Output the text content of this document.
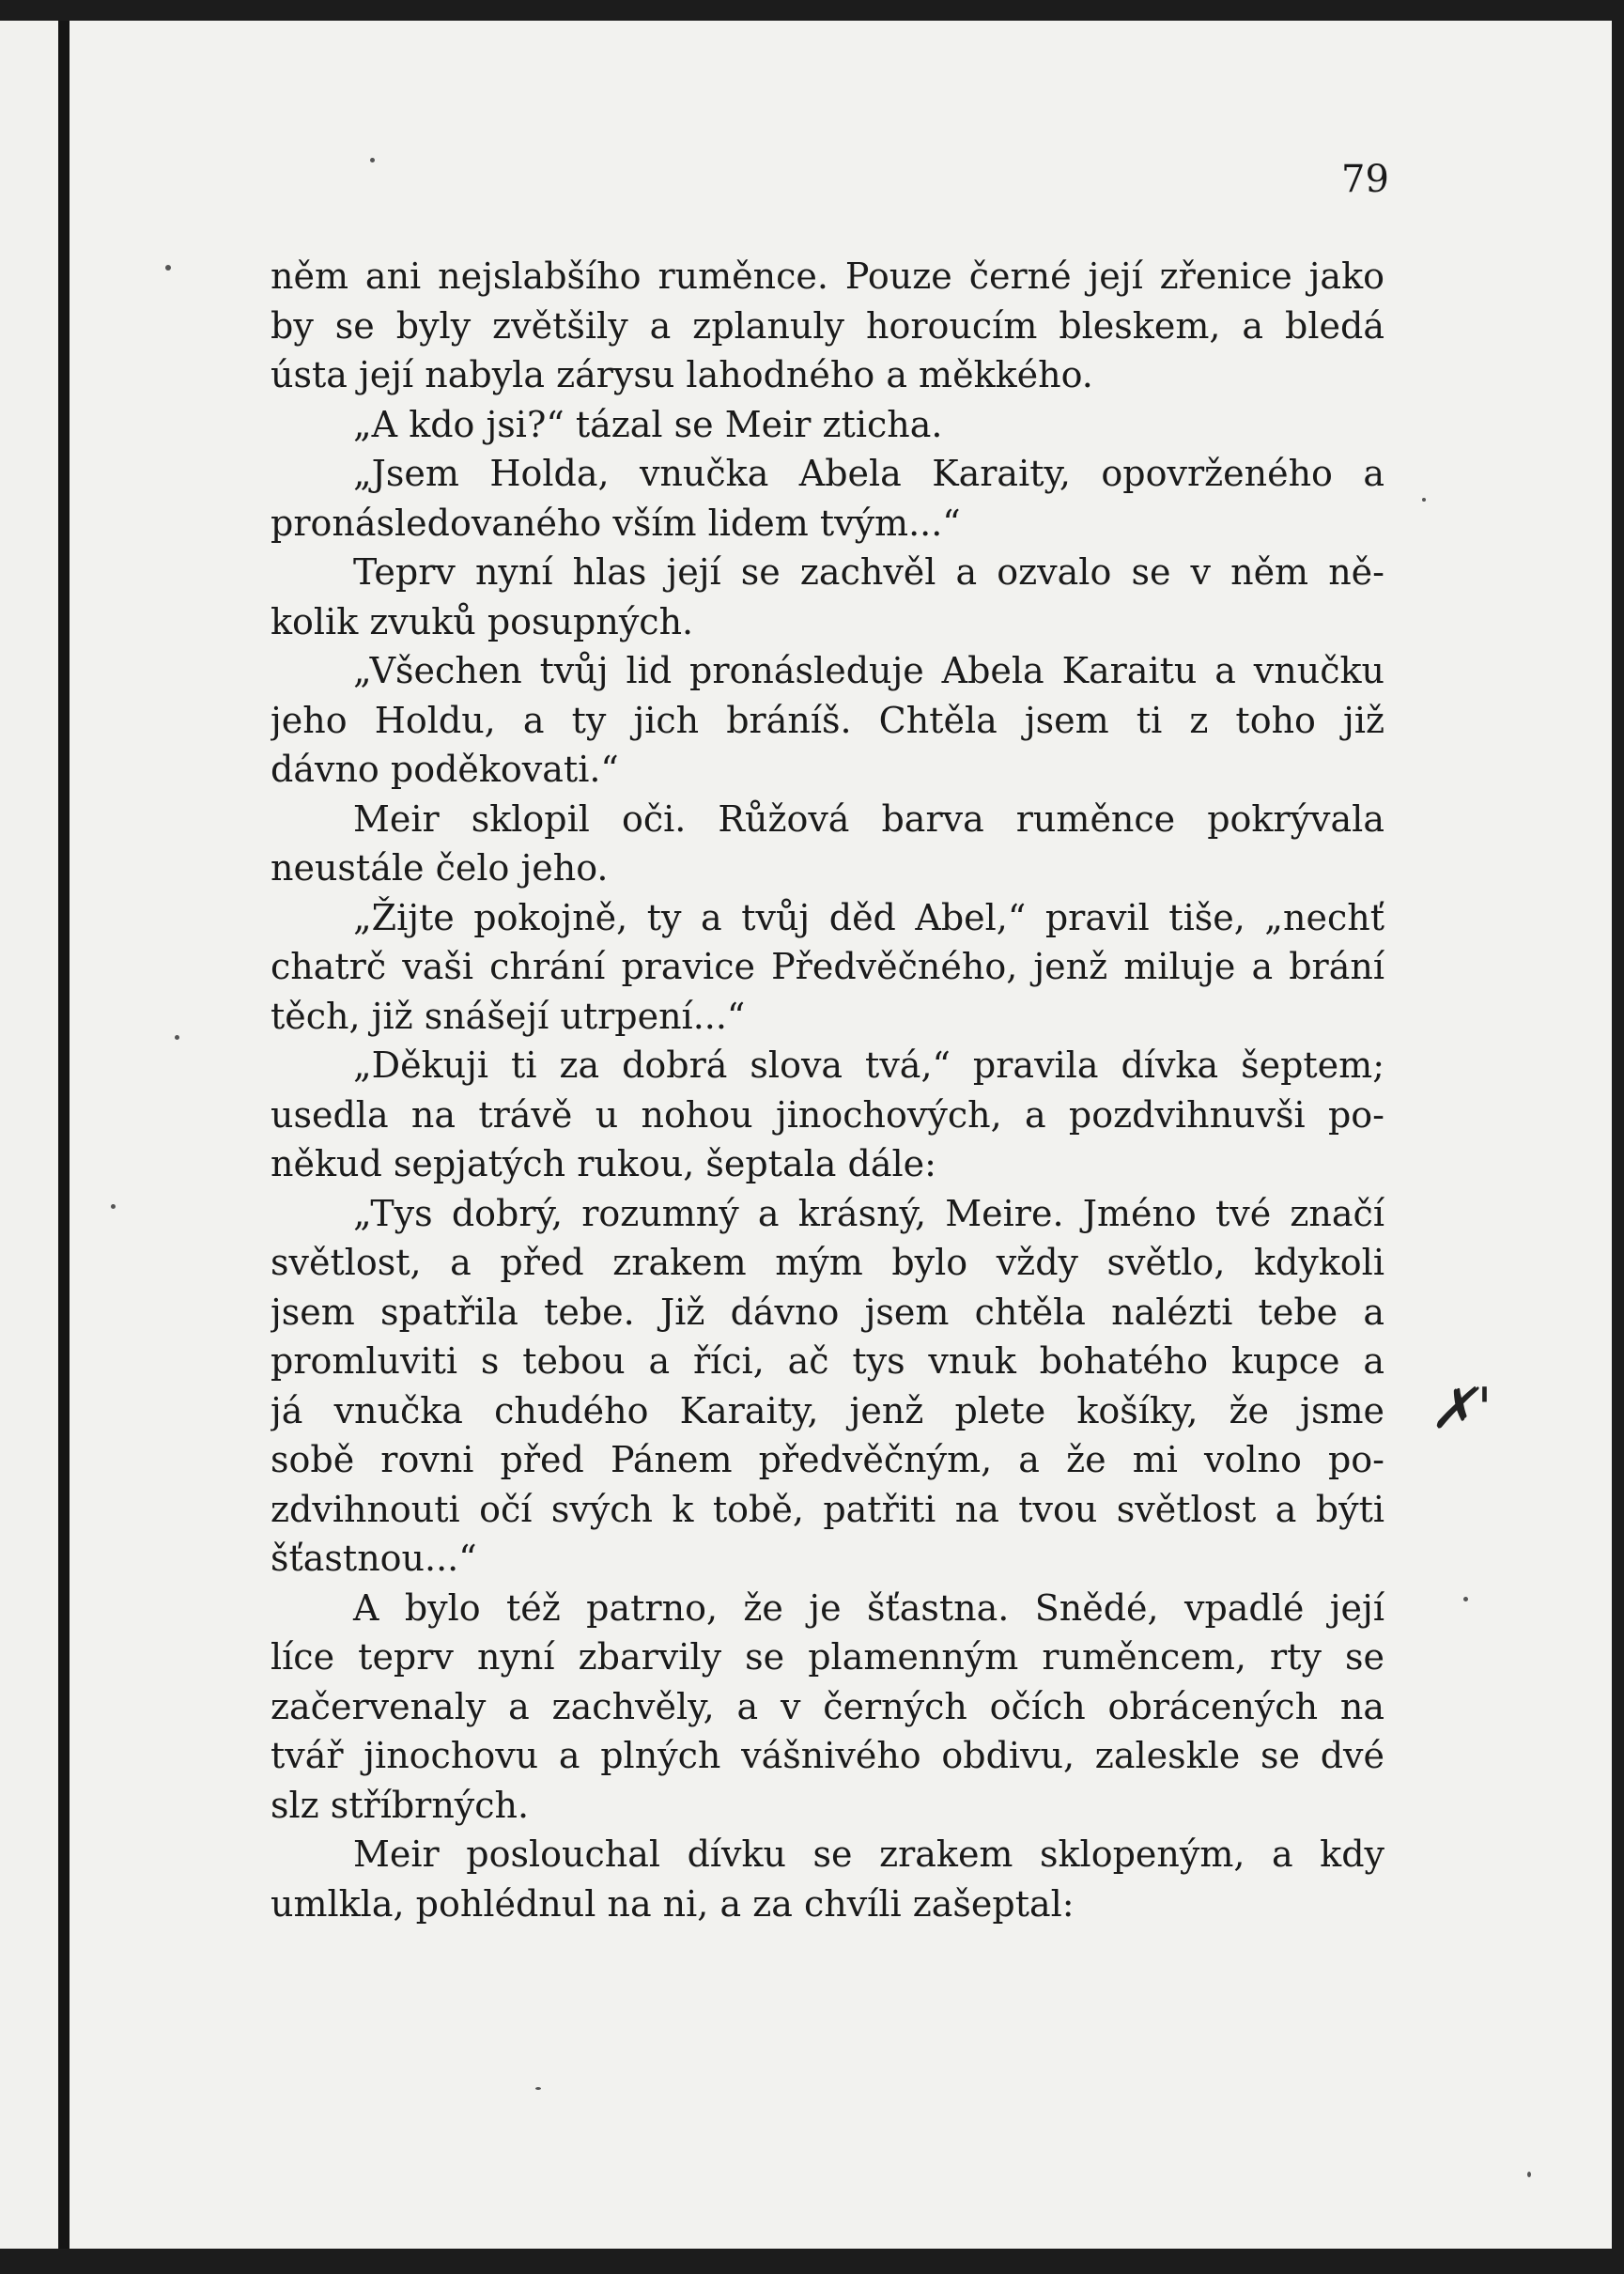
79
něm ani nejslabšího ruměnce. Pouze černé její zřenice jako
by se byly zvětšily a zplanuly horoucím bleskem, a bledá
ústa její nabyla zárysu lahodného a měkkého.
„A kdo jsi?“ tázal se Meir zticha.
„Jsem Holda, vnučka Abela Karaity, opovrženého a
pronásledovaného vším lidem tvým...“
Teprv nyní hlas její se zachvěl a ozvalo se v něm ně-
kolik zvuků posupných.
„Všechen tvůj lid pronásleduje Abela Karaitu a vnučku
jeho Holdu, a ty jich bráníš. Chtěla jsem ti z toho již
dávno poděkovati.“
Meir sklopil oči. Růžová barva ruměnce pokrývala
neustále čelo jeho.
„Žijte pokojně, ty a tvůj děd Abel,“ pravil tiše, „nechť
chatrč vaši chrání pravice Předvěčného, jenž miluje a brání
těch, již snášejí utrpení...“
„Děkuji ti za dobrá slova tvá,“ pravila dívka šeptem;
usedla na trávě u nohou jinochových, a pozdvihnuvši po-
někud sepjatých rukou, šeptala dále:
„Tys dobrý, rozumný a krásný, Meire. Jméno tvé značí
světlost, a před zrakem mým bylo vždy světlo, kdykoli
jsem spatřila tebe. Již dávno jsem chtěla nalézti tebe a
promluviti s tebou a říci, ač tys vnuk bohatého kupce a
já vnučka chudého Karaity, jenž plete košíky, že jsme
sobě rovni před Pánem předvěčným, a že mi volno po-
zdvihnouti očí svých k tobě, patřiti na tvou světlost a býti
šťastnou...“
A bylo též patrno, že je šťastna. Snědé, vpadlé její
líce teprv nyní zbarvily se plamenným ruměncem, rty se
začervenaly a zachvěly, a v černých očích obrácených na
tvář jinochovu a plných vášnivého obdivu, zaleskle se dvé
slz stříbrných.
Meir poslouchal dívku se zrakem sklopeným, a kdy
umlkla, pohlédnul na ni, a za chvíli zašeptal:
✗'
